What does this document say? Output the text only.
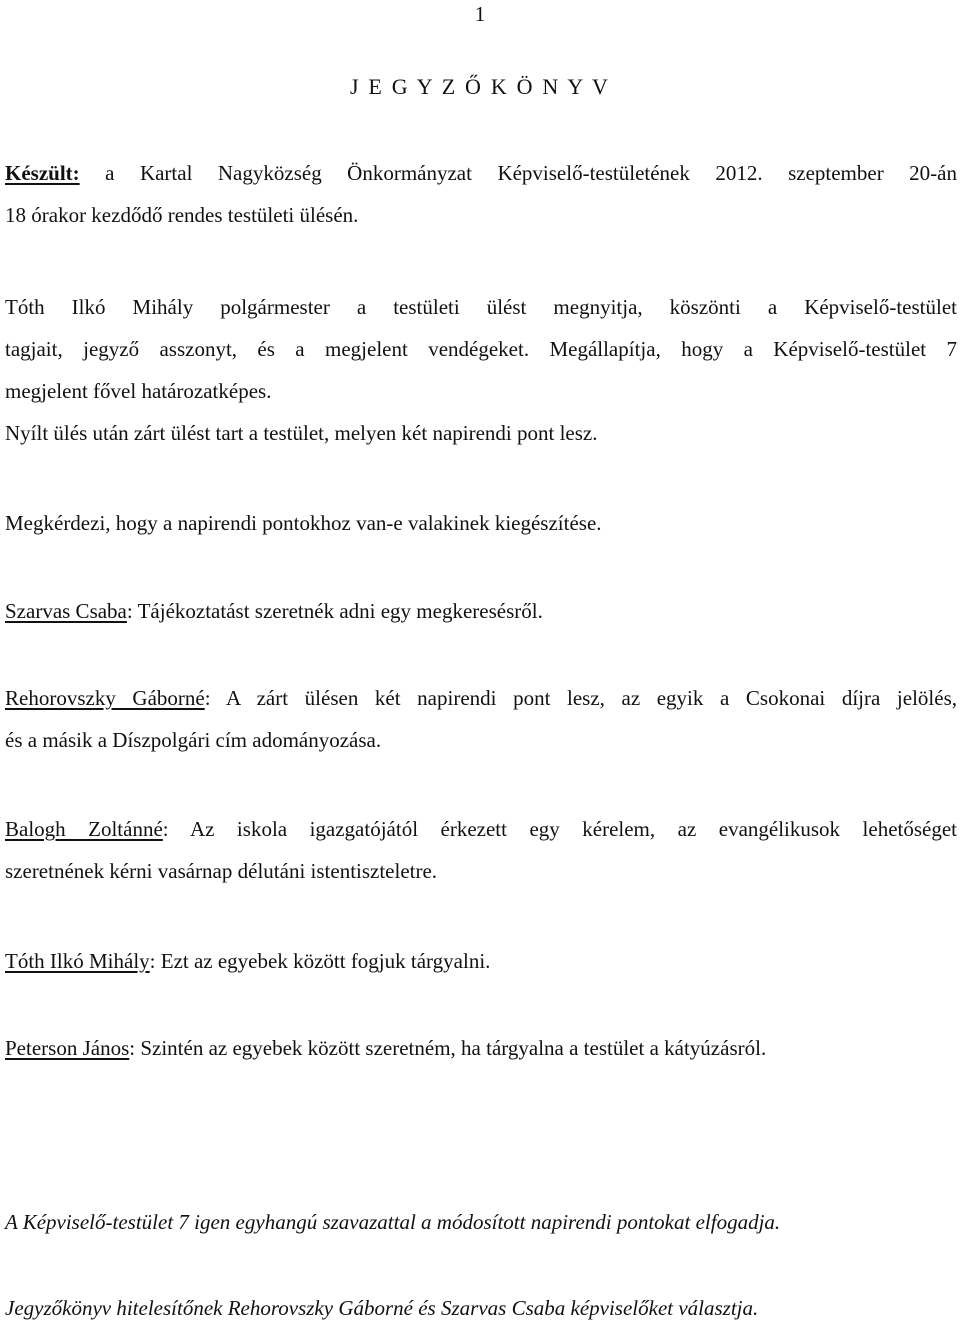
1

J E G Y Z Ő K Ö N Y V
Készült: a Kartal Nagyközség Önkormányzat Képviselő-testületének 2012. szeptember 20-án
18 órakor kezdődő rendes testületi ülésén.
Tóth Ilkó Mihály polgármester a testületi ülést megnyitja, köszönti a Képviselő-testület
tagjait, jegyző asszonyt, és a megjelent vendégeket. Megállapítja, hogy a Képviselő-testület 7
megjelent fővel határozatképes.
Nyílt ülés után zárt ülést tart a testület, melyen két napirendi pont lesz.
Megkérdezi, hogy a napirendi pontokhoz van-e valakinek kiegészítése.
Szarvas Csaba: Tájékoztatást szeretnék adni egy megkeresésről.
Rehorovszky Gáborné: A zárt ülésen két napirendi pont lesz, az egyik a Csokonai díjra jelölés,
és a másik a Díszpolgári cím adományozása.
Balogh Zoltánné: Az iskola igazgatójától érkezett egy kérelem, az evangélikusok lehetőséget
szeretnének kérni vasárnap délutáni istentiszteletre.
Tóth Ilkó Mihály: Ezt az egyebek között fogjuk tárgyalni.
Peterson János: Szintén az egyebek között szeretném, ha tárgyalna a testület a kátyúzásról.
A Képviselő-testület 7 igen egyhangú szavazattal a módosított napirendi pontokat elfogadja.
Jegyzőkönyv hitelesítőnek Rehorovszky Gáborné és Szarvas Csaba képviselőket választja.
